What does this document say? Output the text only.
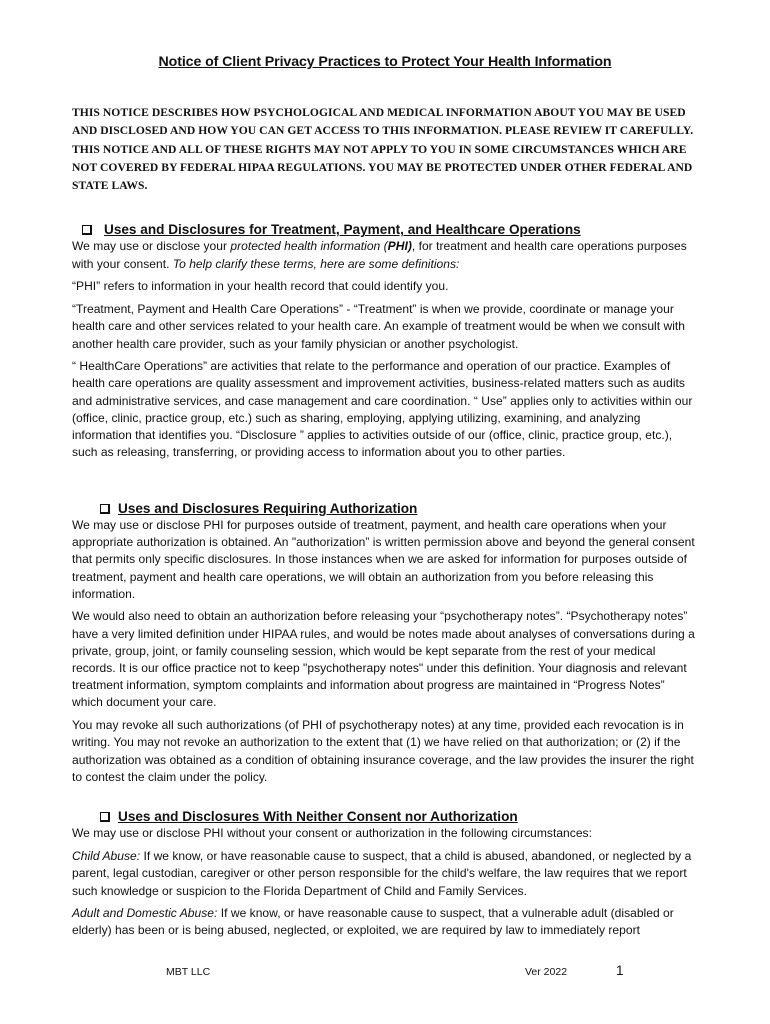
Notice of Client Privacy Practices to Protect Your Health Information

THIS NOTICE DESCRIBES HOW PSYCHOLOGICAL AND MEDICAL INFORMATION ABOUT YOU MAY BE USED AND DISCLOSED AND HOW YOU CAN GET ACCESS TO THIS INFORMATION. PLEASE REVIEW IT CAREFULLY. THIS NOTICE AND ALL OF THESE RIGHTS MAY NOT APPLY TO YOU IN SOME CIRCUMSTANCES WHICH ARE NOT COVERED BY FEDERAL HIPAA REGULATIONS. YOU MAY BE PROTECTED UNDER OTHER FEDERAL AND STATE LAWS.

Uses and Disclosures for Treatment, Payment, and Healthcare Operations

We may use or disclose your protected health information (PHI), for treatment and health care operations purposes with your consent. To help clarify these terms, here are some definitions:

“PHI” refers to information in your health record that could identify you.

“Treatment, Payment and Health Care Operations” - “Treatment” is when we provide, coordinate or manage your health care and other services related to your health care. An example of treatment would be when we consult with another health care provider, such as your family physician or another psychologist.

“ HealthCare Operations” are activities that relate to the performance and operation of our practice. Examples of health care operations are quality assessment and improvement activities, business-related matters such as audits and administrative services, and case management and care coordination. “ Use” applies only to activities within our (office, clinic, practice group, etc.) such as sharing, employing, applying utilizing, examining, and analyzing information that identifies you. “Disclosure ” applies to activities outside of our (office, clinic, practice group, etc.), such as releasing, transferring, or providing access to information about you to other parties.

Uses and Disclosures Requiring Authorization

We may use or disclose PHI for purposes outside of treatment, payment, and health care operations when your appropriate authorization is obtained. An "authorization” is written permission above and beyond the general consent that permits only specific disclosures. In those instances when we are asked for information for purposes outside of treatment, payment and health care operations, we will obtain an authorization from you before releasing this information.

We would also need to obtain an authorization before releasing your “psychotherapy notes”. “Psychotherapy notes” have a very limited definition under HIPAA rules, and would be notes made about analyses of conversations during a private, group, joint, or family counseling session, which would be kept separate from the rest of your medical records. It is our office practice not to keep "psychotherapy notes" under this definition. Your diagnosis and relevant treatment information, symptom complaints and information about progress are maintained in “Progress Notes” which document your care.

You may revoke all such authorizations (of PHI of psychotherapy notes) at any time, provided each revocation is in writing. You may not revoke an authorization to the extent that (1) we have relied on that authorization; or (2) if the authorization was obtained as a condition of obtaining insurance coverage, and the law provides the insurer the right to contest the claim under the policy.

Uses and Disclosures With Neither Consent nor Authorization

We may use or disclose PHI without your consent or authorization in the following circumstances:

Child Abuse: If we know, or have reasonable cause to suspect, that a child is abused, abandoned, or neglected by a parent, legal custodian, caregiver or other person responsible for the child's welfare, the law requires that we report such knowledge or suspicion to the Florida Department of Child and Family Services.

Adult and Domestic Abuse: If we know, or have reasonable cause to suspect, that a vulnerable adult (disabled or elderly) has been or is being abused, neglected, or exploited, we are required by law to immediately report

MBT LLC	Ver 2022	1
